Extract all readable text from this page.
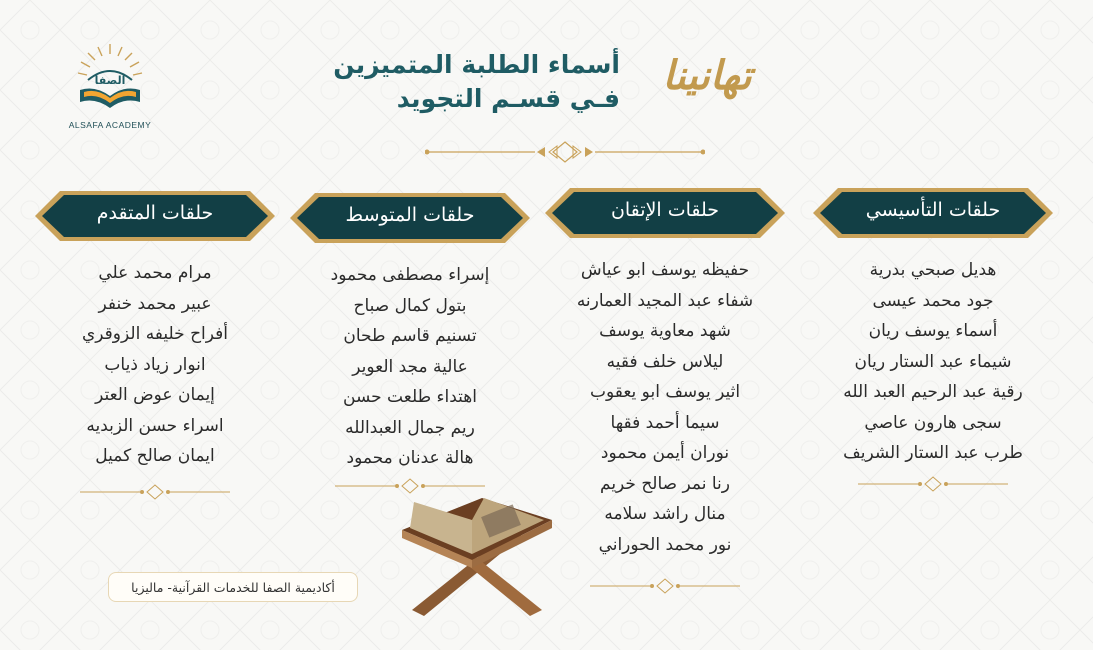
الصفا
ALSAFA ACADEMY
أسماء الطلبة المتميزين
فـي قسـم التجويد	تهانينا
حلقات التأسيسي
هديل صبحي بدرية
جود محمد عيسى
أسماء يوسف ريان
شيماء عبد الستار ريان
رقية عبد الرحيم العبد الله
سجى هارون عاصي
طرب عبد الستار الشريف
حلقات الإتقان
حفيظه يوسف ابو عياش
شفاء عبد المجيد العمارنه
شهد معاوية يوسف
ليلاس خلف فقيه
اثير يوسف ابو يعقوب
سيما أحمد فقها
نوران أيمن محمود
رنا نمر صالح خريم
منال راشد سلامه
نور محمد الحوراني
حلقات المتوسط
إسراء مصطفى محمود
بتول كمال صباح
تسنيم قاسم طحان
عالية مجد العوير
اهتداء طلعت حسن
ريم جمال العبدالله
هالة عدنان محمود
حلقات المتقدم
مرام محمد علي
عبير محمد خنفر
أفراح خليفه الزوقري
انوار زياد ذياب
إيمان عوض العتر
اسراء حسن الزبديه
ايمان صالح كميل
أكاديمية الصفا للخدمات القرآنية- ماليزيا
